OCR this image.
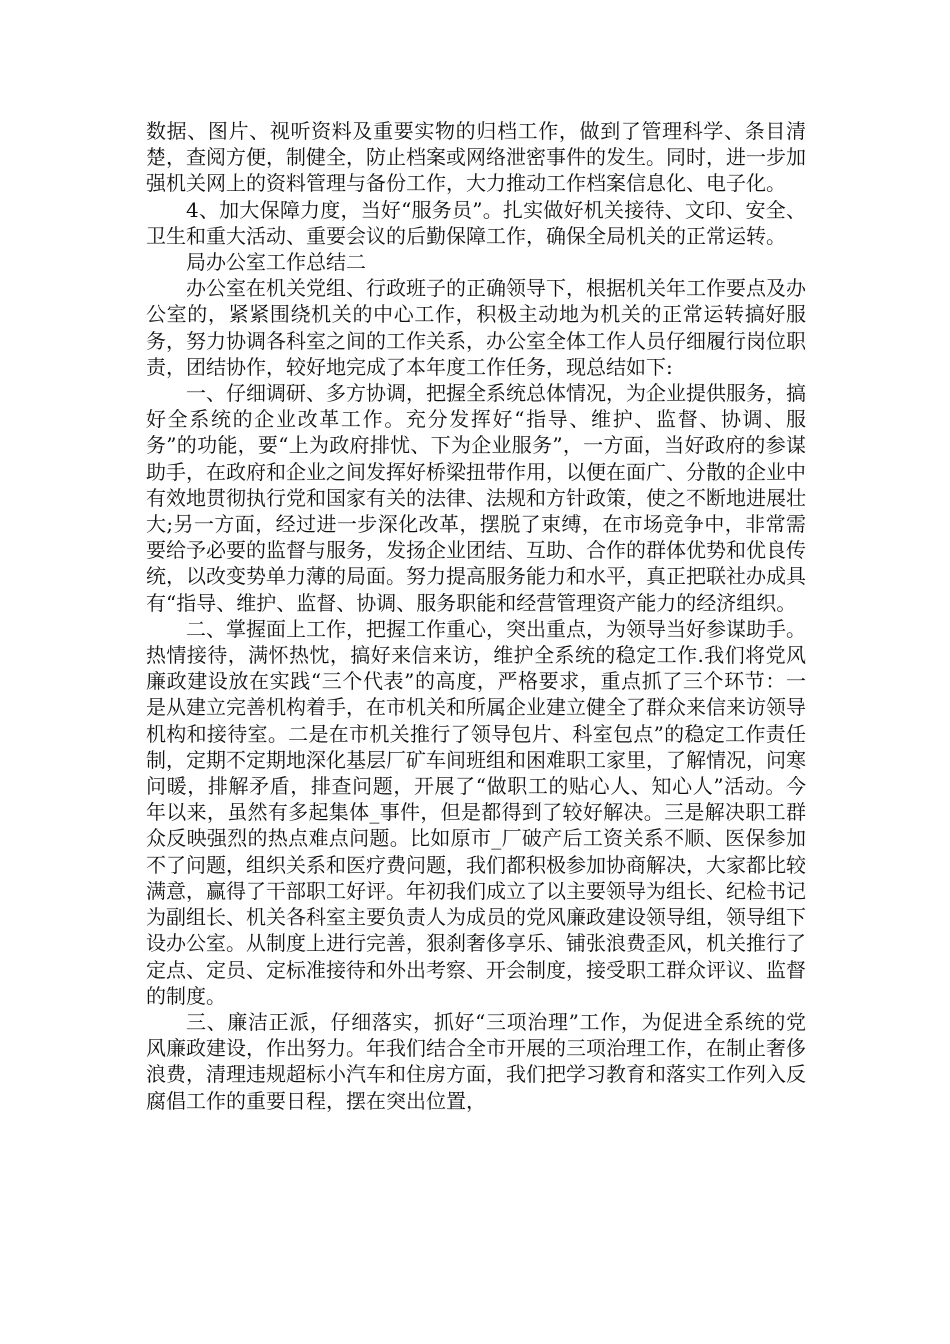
数据、图片、视听资料及重要实物的归档工作，做到了管理科学、条目清楚，查阅方便，制健全，防止档案或网络泄密事件的发生。同时，进一步加强机关网上的资料管理与备份工作，大力推动工作档案信息化、电子化。

4、加大保障力度，当好“服务员”。扎实做好机关接待、文印、安全、卫生和重大活动、重要会议的后勤保障工作，确保全局机关的正常运转。

局办公室工作总结二

办公室在机关党组、行政班子的正确领导下，根据机关年工作要点及办公室的，紧紧围绕机关的中心工作，积极主动地为机关的正常运转搞好服务，努力协调各科室之间的工作关系，办公室全体工作人员仔细履行岗位职责，团结协作，较好地完成了本年度工作任务，现总结如下:

一、仔细调研、多方协调，把握全系统总体情况，为企业提供服务，搞好全系统的企业改革工作。充分发挥好“指导、维护、监督、协调、服务”的功能，要“上为政府排忧、下为企业服务”，一方面，当好政府的参谋助手，在政府和企业之间发挥好桥梁扭带作用，以便在面广、分散的企业中有效地贯彻执行党和国家有关的法律、法规和方针政策，使之不断地进展壮大;另一方面，经过进一步深化改革，摆脱了束缚，在市场竞争中，非常需要给予必要的监督与服务，发扬企业团结、互助、合作的群体优势和优良传统，以改变势单力薄的局面。努力提高服务能力和水平，真正把联社办成具有“指导、维护、监督、协调、服务职能和经营管理资产能力的经济组织。

二、掌握面上工作，把握工作重心，突出重点，为领导当好参谋助手。热情接待，满怀热忱，搞好来信来访，维护全系统的稳定工作.我们将党风廉政建设放在实践“三个代表”的高度，严格要求，重点抓了三个环节：一是从建立完善机构着手，在市机关和所属企业建立健全了群众来信来访领导机构和接待室。二是在市机关推行了领导包片、科室包点”的稳定工作责任制，定期不定期地深化基层厂矿车间班组和困难职工家里，了解情况，问寒问暖，排解矛盾，排查问题，开展了“做职工的贴心人、知心人”活动。今年以来，虽然有多起集体_事件，但是都得到了较好解决。三是解决职工群众反映强烈的热点难点问题。比如原市_厂破产后工资关系不顺、医保参加不了问题，组织关系和医疗费问题，我们都积极参加协商解决，大家都比较满意，赢得了干部职工好评。年初我们成立了以主要领导为组长、纪检书记为副组长、机关各科室主要负责人为成员的党风廉政建设领导组，领导组下设办公室。从制度上进行完善，狠刹奢侈享乐、铺张浪费歪风，机关推行了定点、定员、定标准接待和外出考察、开会制度，接受职工群众评议、监督的制度。

三、廉洁正派，仔细落实，抓好“三项治理”工作，为促进全系统的党风廉政建设，作出努力。年我们结合全市开展的三项治理工作，在制止奢侈浪费，清理违规超标小汽车和住房方面，我们把学习教育和落实工作列入反腐倡工作的重要日程，摆在突出位置，
